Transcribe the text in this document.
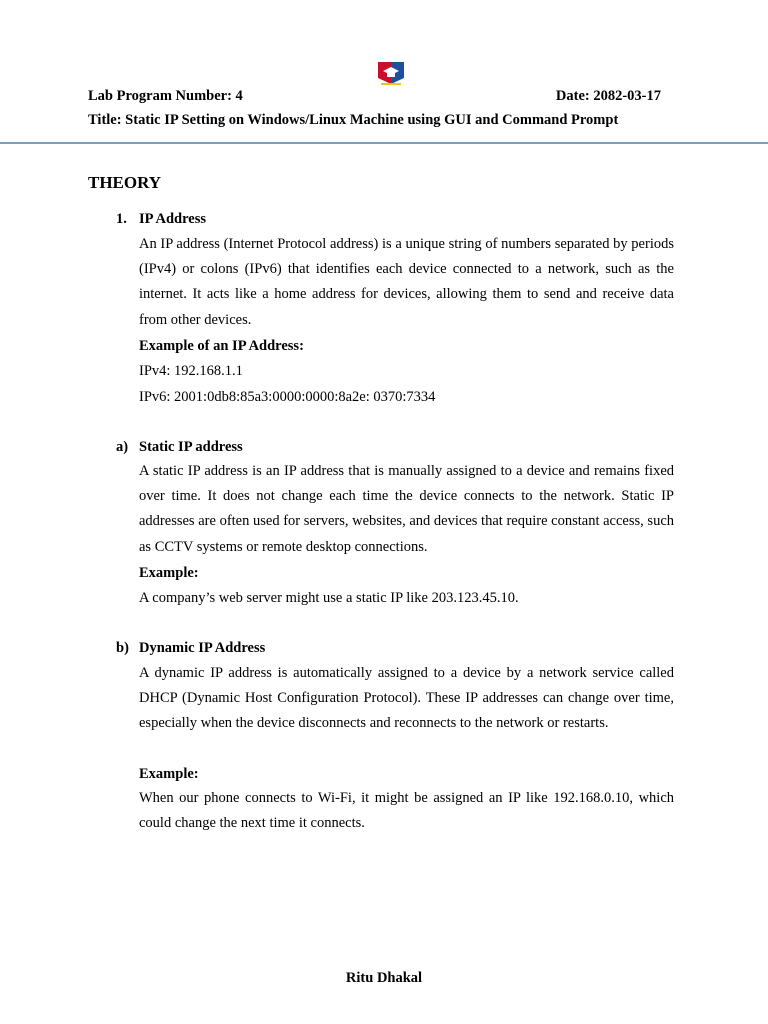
Lab Program Number: 4	Date: 2082-03-17
Title: Static IP Setting on Windows/Linux Machine using GUI and Command Prompt
THEORY
1. IP Address
An IP address (Internet Protocol address) is a unique string of numbers separated by periods (IPv4) or colons (IPv6) that identifies each device connected to a network, such as the internet. It acts like a home address for devices, allowing them to send and receive data from other devices.
Example of an IP Address:
IPv4: 192.168.1.1
IPv6: 2001:0db8:85a3:0000:0000:8a2e: 0370:7334
a) Static IP address
A static IP address is an IP address that is manually assigned to a device and remains fixed over time. It does not change each time the device connects to the network. Static IP addresses are often used for servers, websites, and devices that require constant access, such as CCTV systems or remote desktop connections.
Example:
A company’s web server might use a static IP like 203.123.45.10.
b) Dynamic IP Address
A dynamic IP address is automatically assigned to a device by a network service called DHCP (Dynamic Host Configuration Protocol). These IP addresses can change over time, especially when the device disconnects and reconnects to the network or restarts.
Example:
When our phone connects to Wi-Fi, it might be assigned an IP like 192.168.0.10, which could change the next time it connects.
Ritu Dhakal
